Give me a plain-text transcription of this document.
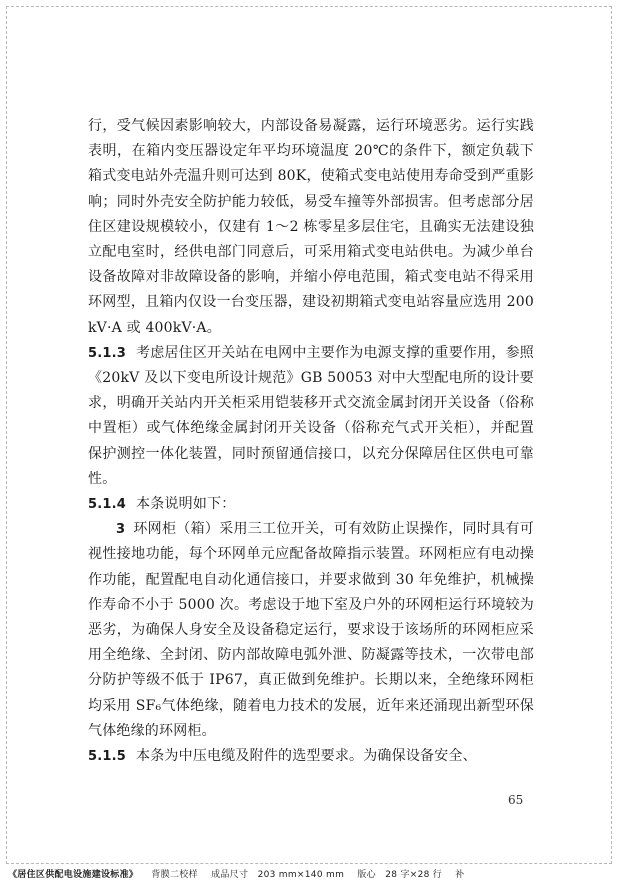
行，受气候因素影响较大，内部设备易凝露，运行环境恶劣。运行实践表明，在箱内变压器设定年平均环境温度 20℃的条件下，额定负载下箱式变电站外壳温升则可达到 80K，使箱式变电站使用寿命受到严重影响；同时外壳安全防护能力较低，易受车撞等外部损害。但考虑部分居住区建设规模较小，仅建有 1～2 栋零星多层住宅，且确实无法建设独立配电室时，经供电部门同意后，可采用箱式变电站供电。为减少单台设备故障对非故障设备的影响，并缩小停电范围，箱式变电站不得采用环网型，且箱内仅设一台变压器，建设初期箱式变电站容量应选用 200kV·A 或 400kV·A。

5.1.3 考虑居住区开关站在电网中主要作为电源支撑的重要作用，参照《20kV 及以下变电所设计规范》GB 50053 对中大型配电所的设计要求，明确开关站内开关柜采用铠装移开式交流金属封闭开关设备（俗称中置柜）或气体绝缘金属封闭开关设备（俗称充气式开关柜），并配置保护测控一体化装置，同时预留通信接口，以充分保障居住区供电可靠性。

5.1.4 本条说明如下：

3 环网柜（箱）采用三工位开关，可有效防止误操作，同时具有可视性接地功能，每个环网单元应配备故障指示装置。环网柜应有电动操作功能，配置配电自动化通信接口，并要求做到 30 年免维护，机械操作寿命不小于 5000 次。考虑设于地下室及户外的环网柜运行环境较为恶劣，为确保人身安全及设备稳定运行，要求设于该场所的环网柜应采用全绝缘、全封闭、防内部故障电弧外泄、防凝露等技术，一次带电部分防护等级不低于 IP67，真正做到免维护。长期以来，全绝缘环网柜均采用 SF₆气体绝缘，随着电力技术的发展，近年来还涌现出新型环保气体绝缘的环网柜。

5.1.5 本条为中压电缆及附件的选型要求。为确保设备安全、

65
《居住区供配电设施建设标准》 背膜二校样 成品尺寸　203 mm×140 mm 版心　28 字×28 行 补
